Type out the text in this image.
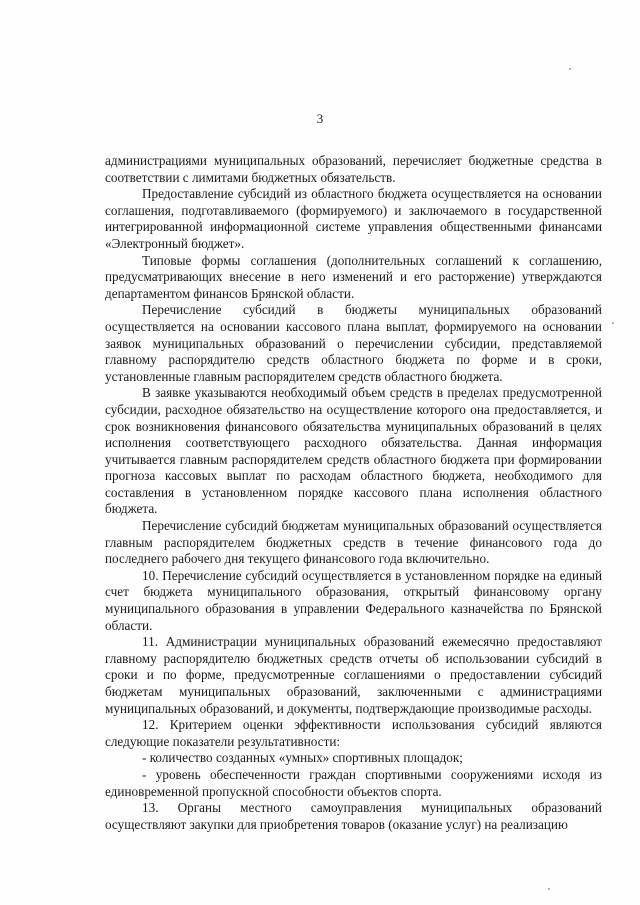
3

администрациями муниципальных образований, перечисляет бюджетные средства в соответствии с лимитами бюджетных обязательств.

Предоставление субсидий из областного бюджета осуществляется на основании соглашения, подготавливаемого (формируемого) и заключаемого в государственной интегрированной информационной системе управления общественными финансами «Электронный бюджет».

Типовые формы соглашения (дополнительных соглашений к соглашению, предусматривающих внесение в него изменений и его расторжение) утверждаются департаментом финансов Брянской области.

Перечисление субсидий в бюджеты муниципальных образований осуществляется на основании кассового плана выплат, формируемого на основании заявок муниципальных образований о перечислении субсидии, представляемой главному распорядителю средств областного бюджета по форме и в сроки, установленные главным распорядителем средств областного бюджета.

В заявке указываются необходимый объем средств в пределах предусмотренной субсидии, расходное обязательство на осуществление которого она предоставляется, и срок возникновения финансового обязательства муниципальных образований в целях исполнения соответствующего расходного обязательства. Данная информация учитывается главным распорядителем средств областного бюджета при формировании прогноза кассовых выплат по расходам областного бюджета, необходимого для составления в установленном порядке кассового плана исполнения областного бюджета.

Перечисление субсидий бюджетам муниципальных образований осуществляется главным распорядителем бюджетных средств в течение финансового года до последнего рабочего дня текущего финансового года включительно.

10. Перечисление субсидий осуществляется в установленном порядке на единый счет бюджета муниципального образования, открытый финансовому органу муниципального образования в управлении Федерального казначейства по Брянской области.

11. Администрации муниципальных образований ежемесячно предоставляют главному распорядителю бюджетных средств отчеты об использовании субсидий в сроки и по форме, предусмотренные соглашениями о предоставлении субсидий бюджетам муниципальных образований, заключенными с администрациями муниципальных образований, и документы, подтверждающие производимые расходы.

12. Критерием оценки эффективности использования субсидий являются следующие показатели результативности:

- количество созданных «умных» спортивных площадок;

- уровень обеспеченности граждан спортивными сооружениями исходя из единовременной пропускной способности объектов спорта.

13. Органы местного самоуправления муниципальных образований осуществляют закупки для приобретения товаров (оказание услуг) на реализацию
